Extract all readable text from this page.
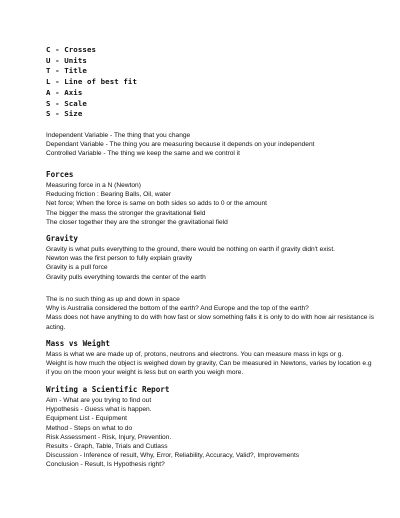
C - Crosses
U - Units
T - Title
L - Line of best fit
A - Axis
S - Scale
S - Size
Independent Variable - The thing that you change
Dependant Variable - The thing you are measuring because it depends on your independent
Controlled Variable - The thing we keep the same and we control it
Forces
Measuring force in a N (Newton)
Reducing friction : Bearing Balls, Oil, water
Net force; When the force is same on both sides so adds to 0 or the amount
The bigger the mass the stronger the gravitational field
The closer together they are the stronger the gravitational field
Gravity
Gravity is what pulls everything to the ground, there would be nothing on earth if gravity didn't exist.
Newton was the first person to fully explain gravity
Gravity is a pull force
Gravity pulls everything towards the center of the earth
The is no such thing as up and down in space
Why is Australia considered the bottom of the earth? And Europe and the top of the earth?
Mass does not have anything to do with how fast or slow something falls it is only to do with how air resistance is acting.
Mass vs Weight
Mass is what we are made up of, protons, neutrons and electrons. You can measure mass in kgs or g.
Weight is how much the object is weighed down by gravity, Can be measured in Newtons, varies by location e.g if you on the moon your weight is less but on earth you weigh more.
Writing a Scientific Report
Aim - What are you trying to find out
Hypothesis - Guess what is happen.
Equipment List - Equipment
Method - Steps on what to do
Risk Assessment - Risk, Injury, Prevention.
Results - Graph, Table, Trials and Cutlass
Discussion - Inference of result, Why, Error, Reliability, Accuracy, Valid?, Improvements
Conclusion - Result, Is Hypothesis right?
